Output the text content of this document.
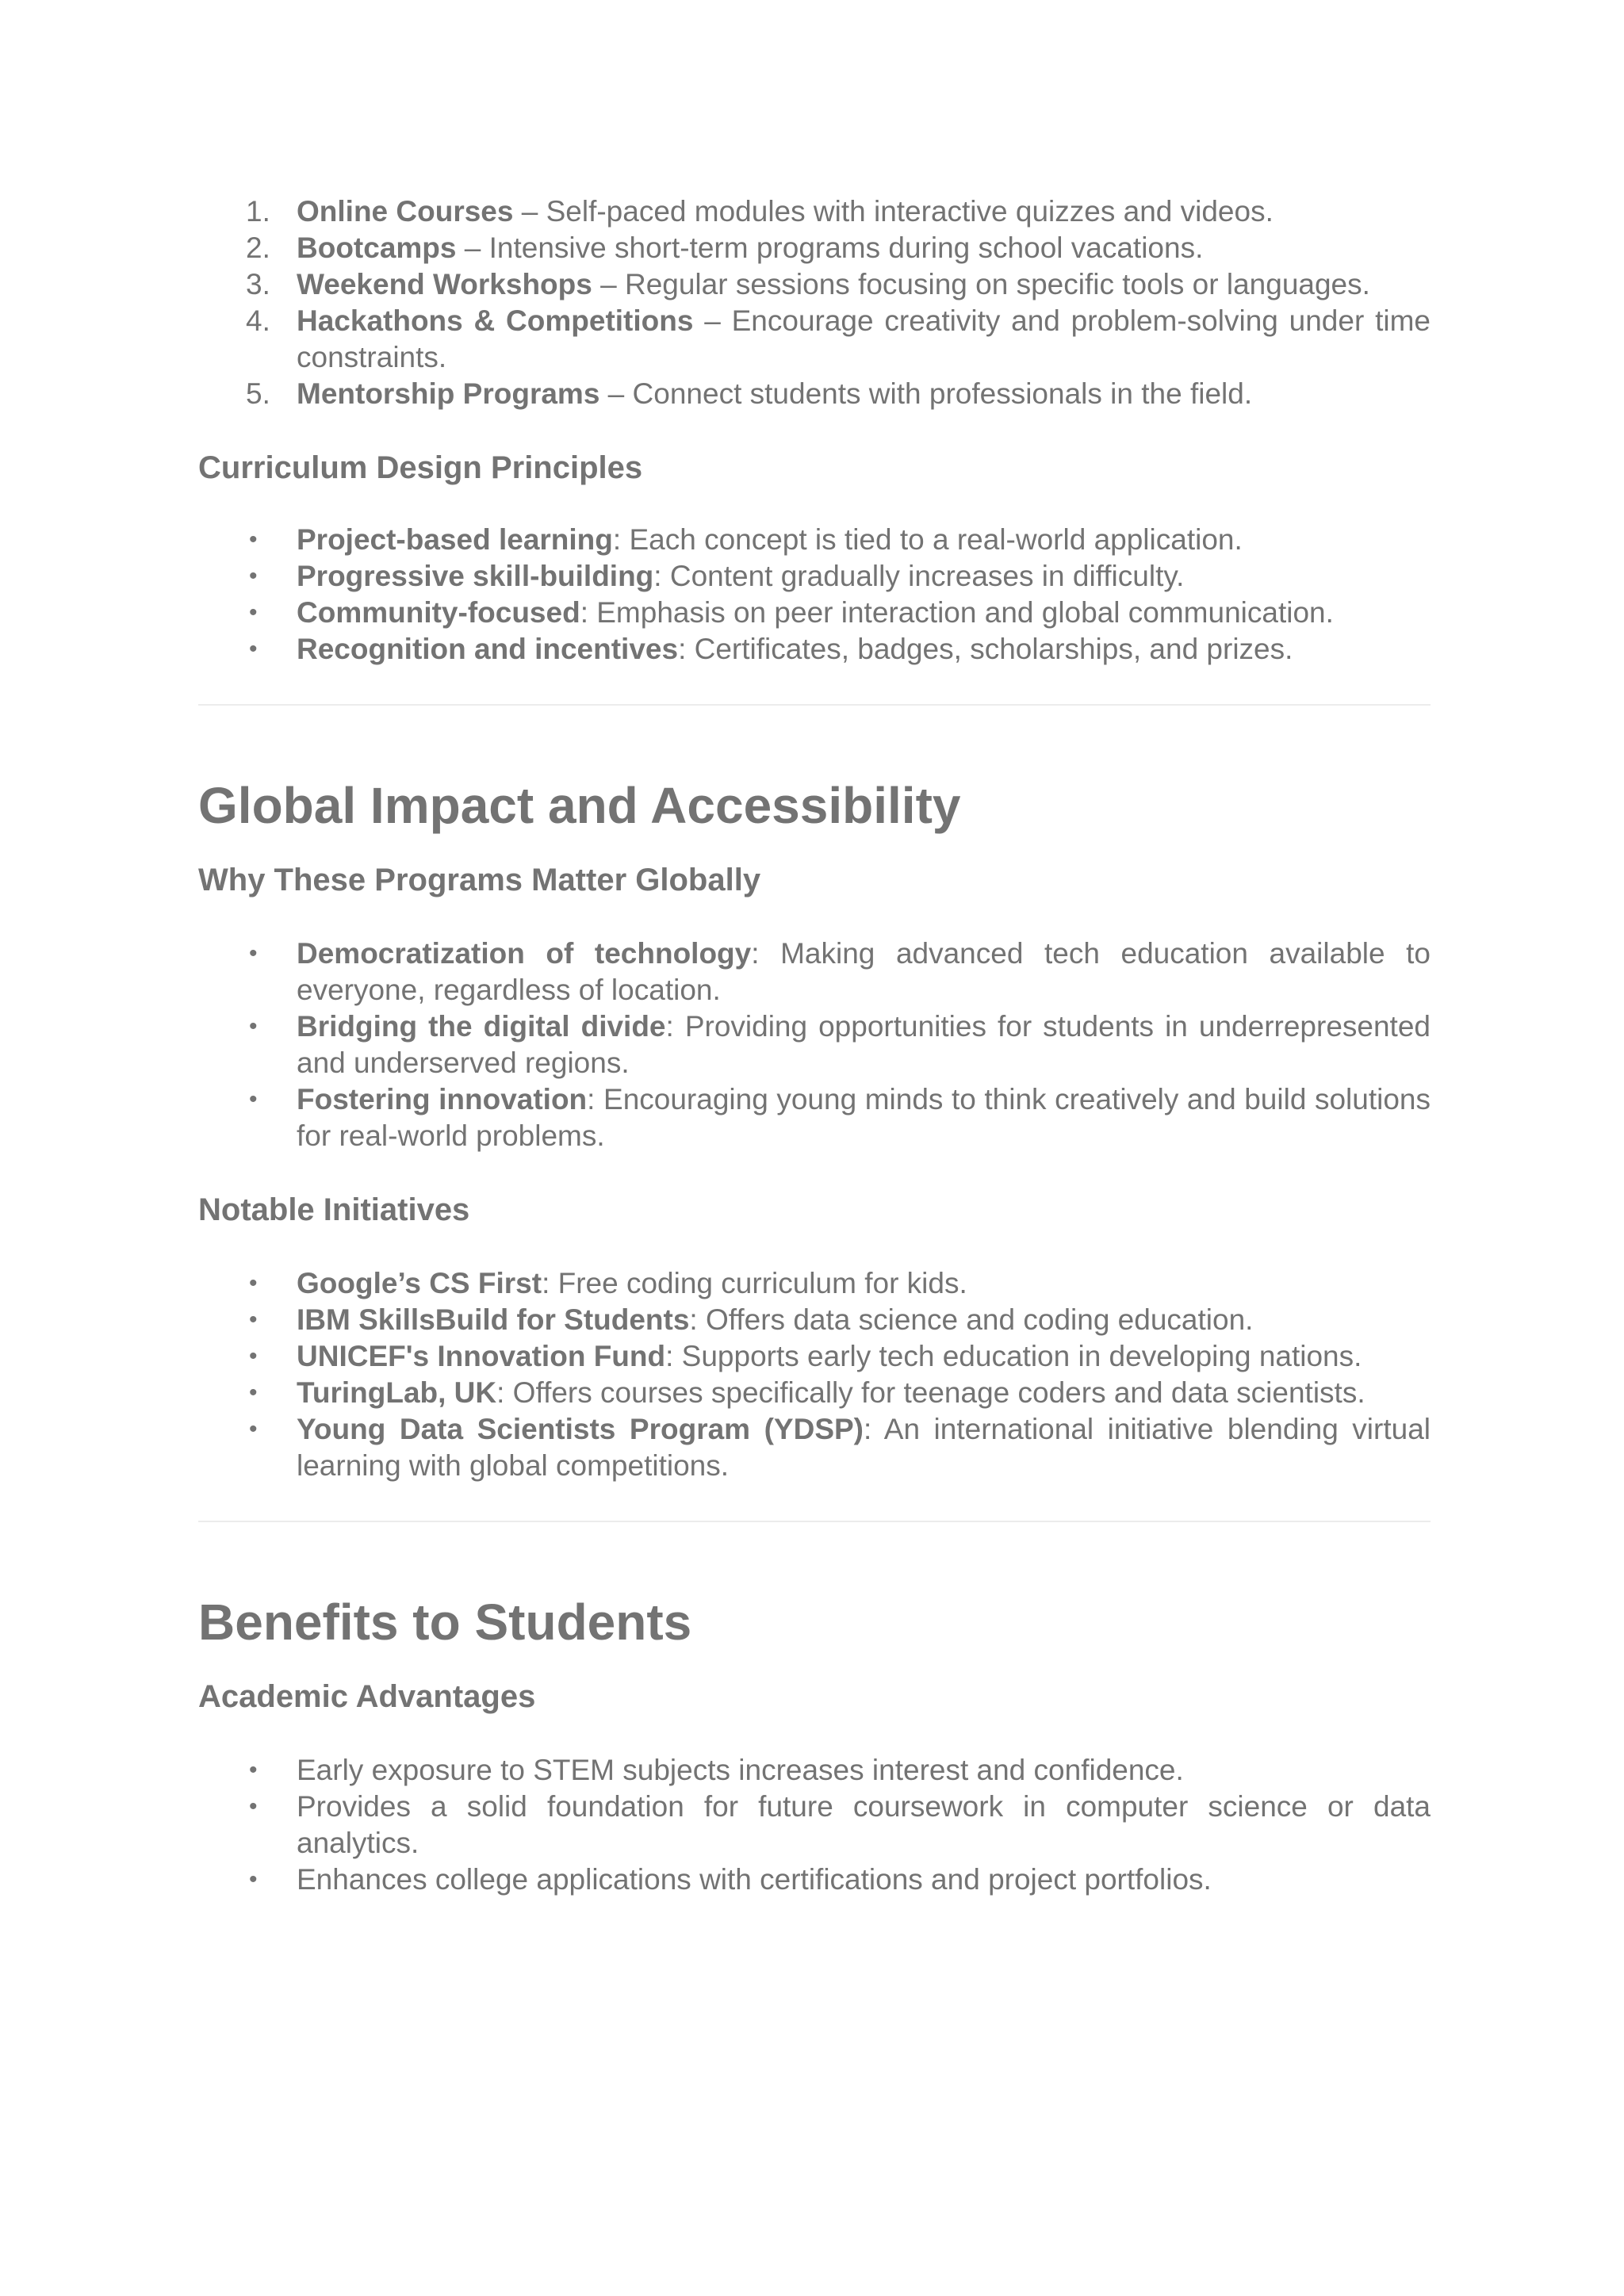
1. Online Courses – Self-paced modules with interactive quizzes and videos.
2. Bootcamps – Intensive short-term programs during school vacations.
3. Weekend Workshops – Regular sessions focusing on specific tools or languages.
4. Hackathons & Competitions – Encourage creativity and problem-solving under time constraints.
5. Mentorship Programs – Connect students with professionals in the field.
Curriculum Design Principles
• Project-based learning: Each concept is tied to a real-world application.
• Progressive skill-building: Content gradually increases in difficulty.
• Community-focused: Emphasis on peer interaction and global communication.
• Recognition and incentives: Certificates, badges, scholarships, and prizes.
Global Impact and Accessibility
Why These Programs Matter Globally
• Democratization of technology: Making advanced tech education available to everyone, regardless of location.
• Bridging the digital divide: Providing opportunities for students in underrepresented and underserved regions.
• Fostering innovation: Encouraging young minds to think creatively and build solutions for real-world problems.
Notable Initiatives
• Google’s CS First: Free coding curriculum for kids.
• IBM SkillsBuild for Students: Offers data science and coding education.
• UNICEF's Innovation Fund: Supports early tech education in developing nations.
• TuringLab, UK: Offers courses specifically for teenage coders and data scientists.
• Young Data Scientists Program (YDSP): An international initiative blending virtual learning with global competitions.
Benefits to Students
Academic Advantages
• Early exposure to STEM subjects increases interest and confidence.
• Provides a solid foundation for future coursework in computer science or data analytics.
• Enhances college applications with certifications and project portfolios.
